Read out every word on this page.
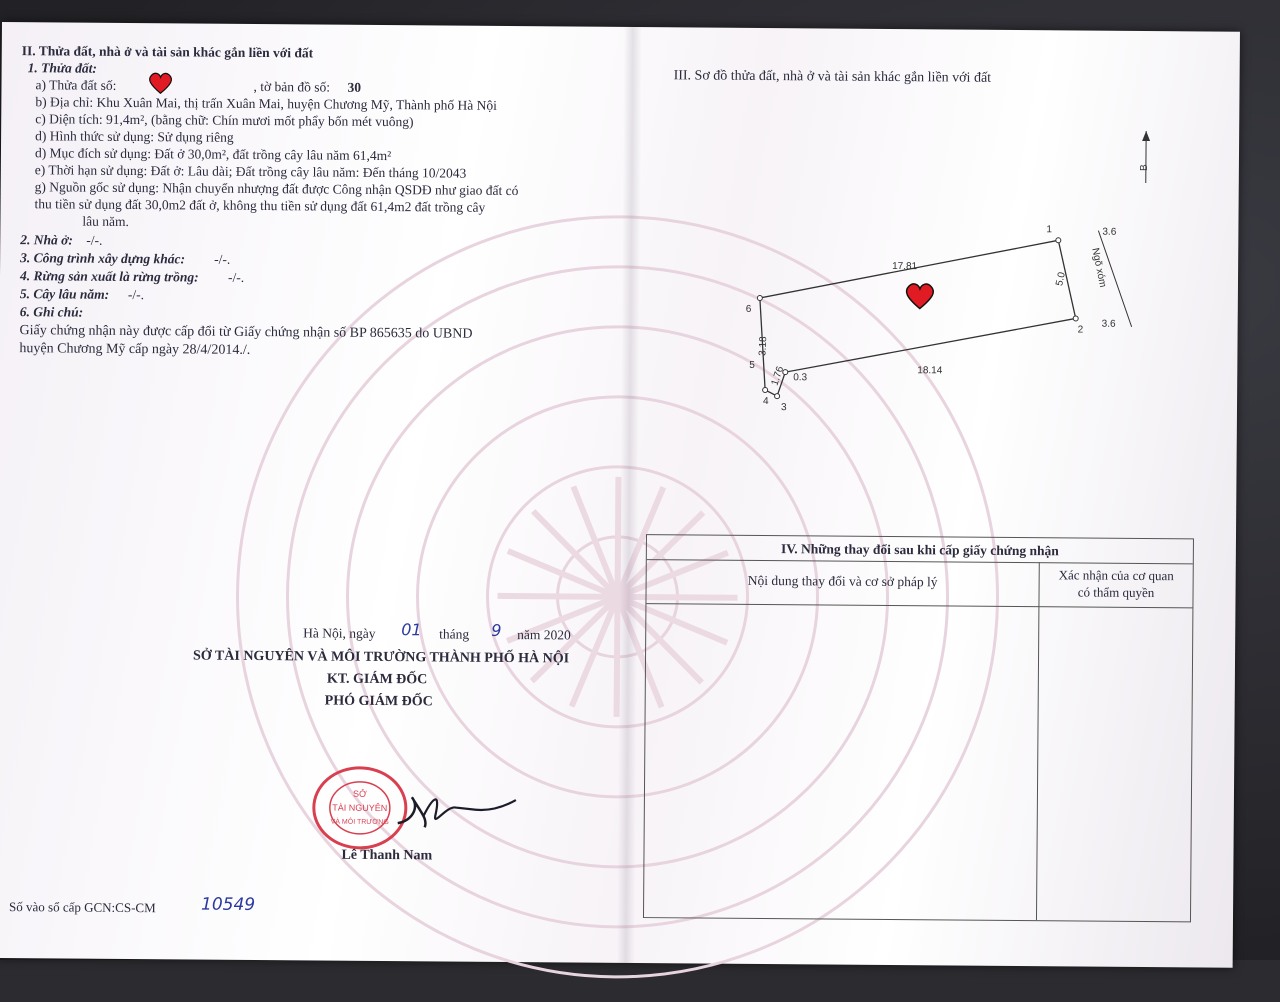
II. Thửa đất, nhà ở và tài sản khác gắn liền với đất
1. Thửa đất:
a) Thửa đất số:	, tờ bản đồ số: 30
b) Địa chỉ: Khu Xuân Mai, thị trấn Xuân Mai, huyện Chương Mỹ, Thành phố Hà Nội
c) Diện tích: 91,4m², (bằng chữ: Chín mươi mốt phẩy bốn mét vuông)
d) Hình thức sử dụng: Sử dụng riêng
d) Mục đích sử dụng: Đất ở 30,0m², đất trồng cây lâu năm 61,4m²
e) Thời hạn sử dụng: Đất ở: Lâu dài; Đất trồng cây lâu năm: Đến tháng 10/2043
g) Nguồn gốc sử dụng: Nhận chuyển nhượng đất được Công nhận QSDĐ như giao đất có
thu tiền sử dụng đất 30,0m2 đất ở, không thu tiền sử dụng đất 61,4m2 đất trồng cây
lâu năm.
2. Nhà ở: -/-.
3. Công trình xây dựng khác: -/-.
4. Rừng sản xuất là rừng trồng: -/-.
5. Cây lâu năm: -/-.
6. Ghi chú:
Giấy chứng nhận này được cấp đổi từ Giấy chứng nhận số BP 865635 do UBND
huyện Chương Mỹ cấp ngày 28/4/2014./.
Hà Nội, ngày 01 tháng 9 năm 2020
SỞ TÀI NGUYÊN VÀ MÔI TRƯỜNG THÀNH PHỐ HÀ NỘI
KT. GIÁM ĐỐC
PHÓ GIÁM ĐỐC
SỞ
TÀI NGUYÊN
VÀ MÔI TRƯỜNG
Lê Thanh Nam
Số vào sổ cấp GCN:CS-CM	10549
III. Sơ đồ thửa đất, nhà ở và tài sản khác gắn liền với đất
B
1
2
3
4
5
6
17.81
18.14
5.0
3.18
1.76 0.3
3.6
3.6
Ngõ xóm
IV. Những thay đổi sau khi cấp giấy chứng nhận
Nội dung thay đổi và cơ sở pháp lý	Xác nhận của cơ quan
có thẩm quyền
